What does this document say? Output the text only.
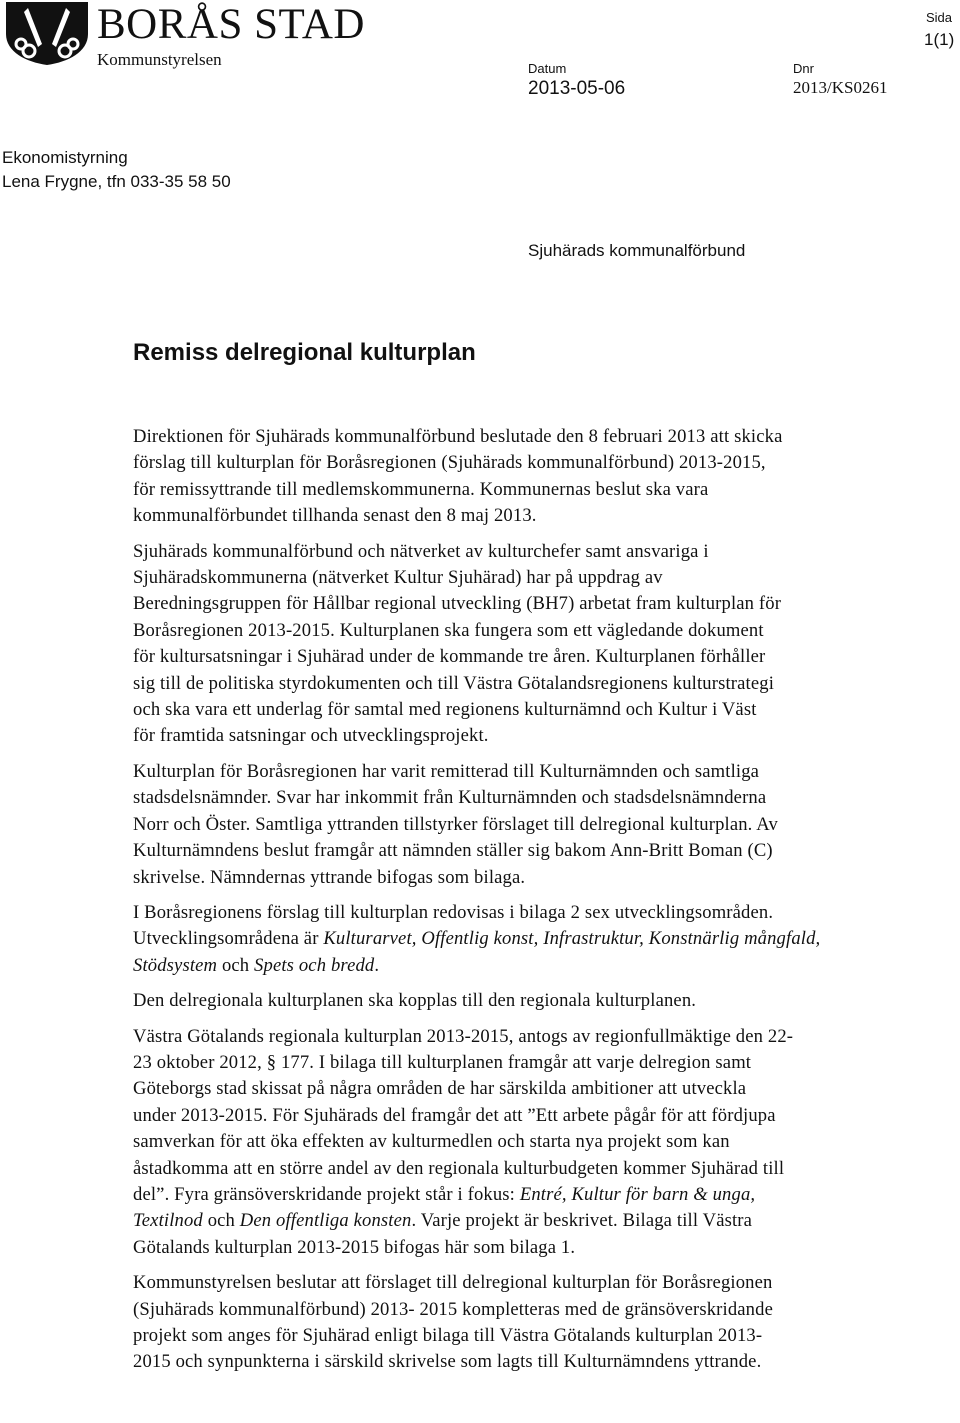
BORÅS STAD
Kommunstyrelsen	Datum
2013-05-06
Dnr
2013/KS0261
Sida
1(1)
Ekonomistyrning
Lena Frygne, tfn 033-35 58 50
Sjuhärads kommunalförbund
Remiss delregional kulturplan

Direktionen för Sjuhärads kommunalförbund beslutade den 8 februari 2013 att skicka
förslag till kulturplan för Boråsregionen (Sjuhärads kommunalförbund) 2013-2015,
för remissyttrande till medlemskommunerna. Kommunernas beslut ska vara
kommunalförbundet tillhanda senast den 8 maj 2013.

Sjuhärads kommunalförbund och nätverket av kulturchefer samt ansvariga i
Sjuhäradskommunerna (nätverket Kultur Sjuhärad) har på uppdrag av
Beredningsgruppen för Hållbar regional utveckling (BH7) arbetat fram kulturplan för
Boråsregionen 2013-2015. Kulturplanen ska fungera som ett vägledande dokument
för kultursatsningar i Sjuhärad under de kommande tre åren. Kulturplanen förhåller
sig till de politiska styrdokumenten och till Västra Götalandsregionens kulturstrategi
och ska vara ett underlag för samtal med regionens kulturnämnd och Kultur i Väst
för framtida satsningar och utvecklingsprojekt.

Kulturplan för Boråsregionen har varit remitterad till Kulturnämnden och samtliga
stadsdelsnämnder. Svar har inkommit från Kulturnämnden och stadsdelsnämnderna
Norr och Öster. Samtliga yttranden tillstyrker förslaget till delregional kulturplan. Av
Kulturnämndens beslut framgår att nämnden ställer sig bakom Ann-Britt Boman (C)
skrivelse. Nämndernas yttrande bifogas som bilaga.

I Boråsregionens förslag till kulturplan redovisas i bilaga 2 sex utvecklingsområden.
Utvecklingsområdena är Kulturarvet, Offentlig konst, Infrastruktur, Konstnärlig mångfald,
Stödsystem och Spets och bredd.

Den delregionala kulturplanen ska kopplas till den regionala kulturplanen.

Västra Götalands regionala kulturplan 2013-2015, antogs av regionfullmäktige den 22-
23 oktober 2012, § 177. I bilaga till kulturplanen framgår att varje delregion samt
Göteborgs stad skissat på några områden de har särskilda ambitioner att utveckla
under 2013-2015. För Sjuhärads del framgår det att ”Ett arbete pågår för att fördjupa
samverkan för att öka effekten av kulturmedlen och starta nya projekt som kan
åstadkomma att en större andel av den regionala kulturbudgeten kommer Sjuhärad till
del”. Fyra gränsöverskridande projekt står i fokus: Entré, Kultur för barn & unga,
Textilnod och Den offentliga konsten. Varje projekt är beskrivet. Bilaga till Västra
Götalands kulturplan 2013-2015 bifogas här som bilaga 1.

Kommunstyrelsen beslutar att förslaget till delregional kulturplan för Boråsregionen
(Sjuhärads kommunalförbund) 2013- 2015 kompletteras med de gränsöverskridande
projekt som anges för Sjuhärad enligt bilaga till Västra Götalands kulturplan 2013-
2015 och synpunkterna i särskild skrivelse som lagts till Kulturnämndens yttrande.
